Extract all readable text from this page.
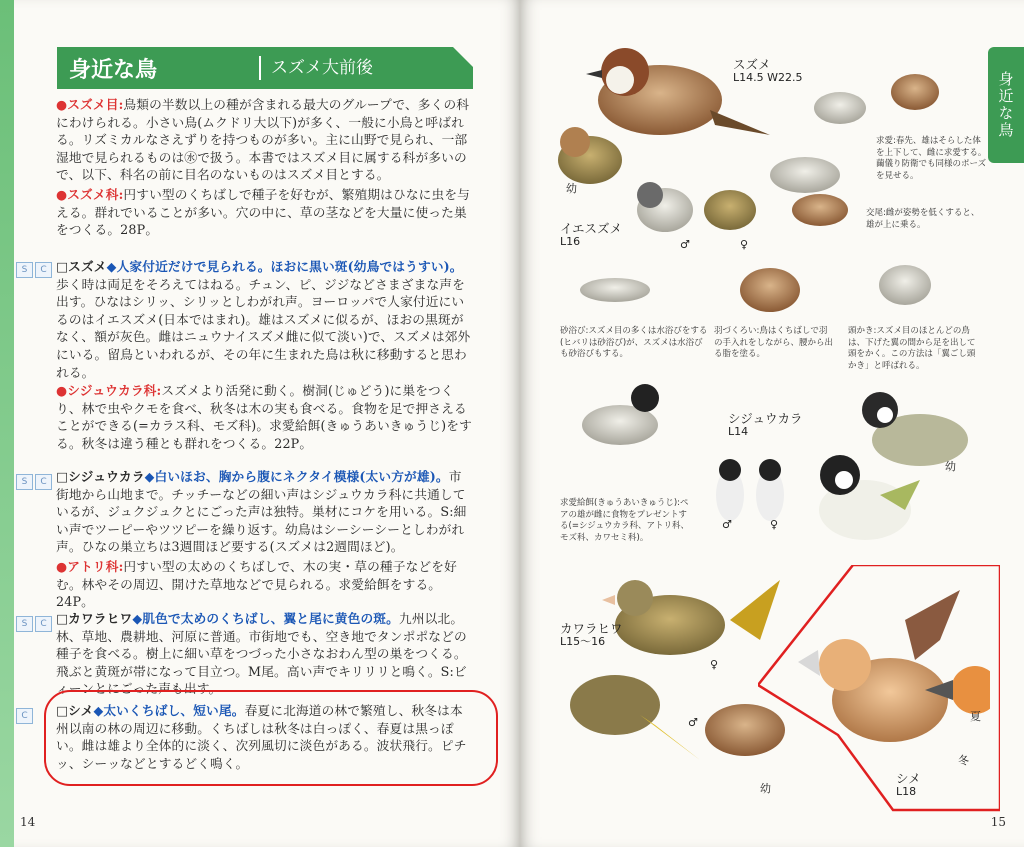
身近な鳥	スズメ大前後
●スズメ目:鳥類の半数以上の種が含まれる最大のグループで、多くの科にわけられる。小さい鳥(ムクドリ大以下)が多く、一般に小鳥と呼ばれる。リズミカルなさえずりを持つものが多い。主に山野で見られ、一部湿地で見られるものは㊌で扱う。本書ではスズメ目に属する科が多いので、以下、科名の前に目名のないものはスズメ目とする。
●スズメ科:円すい型のくちばしで種子を好むが、繁殖期はひなに虫を与える。群れでいることが多い。穴の中に、草の茎などを大量に使った巣をつくる。28P。
S	C □スズメ◆人家付近だけで見られる。ほおに黒い斑(幼鳥ではうすい)。歩く時は両足をそろえてはねる。チュン、ピ、ジジなどさまざまな声を出す。ひなはシリッ、シリッとしわがれ声。ヨーロッパで人家付近にいるのはイエスズメ(日本ではまれ)。雄はスズメに似るが、ほおの黒斑がなく、額が灰色。雌はニュウナイスズメ雌に似て淡い)で、スズメは郊外にいる。留鳥といわれるが、その年に生まれた鳥は秋に移動すると思われる。
●シジュウカラ科:スズメより活発に動く。樹洞(じゅどう)に巣をつくり、林で虫やクモを食べ、秋冬は木の実も食べる。食物を足で押さえることができる(=カラス科、モズ科)。求愛給餌(きゅうあいきゅうじ)をする。秋冬は違う種とも群れをつくる。22P。
S	C □シジュウカラ◆白いほお、胸から腹にネクタイ模様(太い方が雄)。市街地から山地まで。チッチーなどの細い声はシジュウカラ科に共通しているが、ジュクジュクとにごった声は独特。巣材にコケを用いる。S:細い声でツーピーやツツピーを繰り返す。幼鳥はシーシーシーとしわがれ声。ひなの巣立ちは3週間ほど要する(スズメは2週間ほど)。
●アトリ科:円すい型の太めのくちばしで、木の実・草の種子などを好む。林やその周辺、開けた草地などで見られる。求愛給餌をする。24P。
S	C □カワラヒワ◆肌色で太めのくちばし、翼と尾に黄色の斑。九州以北。林、草地、農耕地、河原に普通。市街地でも、空き地でタンポポなどの種子を食べる。樹上に細い草をつづった小さなおわん型の巣をつくる。飛ぶと黄斑が帯になって目立つ。M尾。高い声でキリリリと鳴く。S:ビィーンとにごった声も出す。
C	□シメ◆太いくちばし、短い尾。春夏に北海道の林で繁殖し、秋冬は本州以南の林の周辺に移動。くちばしは秋冬は白っぽく、春夏は黒っぽい。雌は雄より全体的に淡く、次列風切に淡色がある。波状飛行。ピチッ、シーッなどとするどく鳴く。
14
身近な鳥
15
スズメ
L14.5 W22.5
イエスズメ
L16
シジュウカラ
L14
カワラヒワ
L15～16
シメ
L18
幼
♂	♀
幼
♂	♀
♀
♂
幼
夏
冬
求愛:春先、雄はそらした体を上下して、雌に求愛する。繭儀り防衛でも同様のポーズを見せる。
交尾:雌が姿勢を低くすると、雄が上に乗る。
砂浴び:スズメ目の多くは水浴びをする(ヒバリは砂浴び)が、スズメは水浴びも砂浴びもする。
羽づくろい:鳥はくちばしで羽の手入れをしながら、腰から出る脂を塗る。
頭かき:スズメ目のほとんどの鳥は、下げた翼の間から足を出して頭をかく。この方法は「翼ごし頭かき」と呼ばれる。
求愛給餌(きゅうあいきゅうじ):ペアの雄が雌に食物をプレゼントする(=シジュウカラ科、アトリ科、モズ科、カワセミ科)。
